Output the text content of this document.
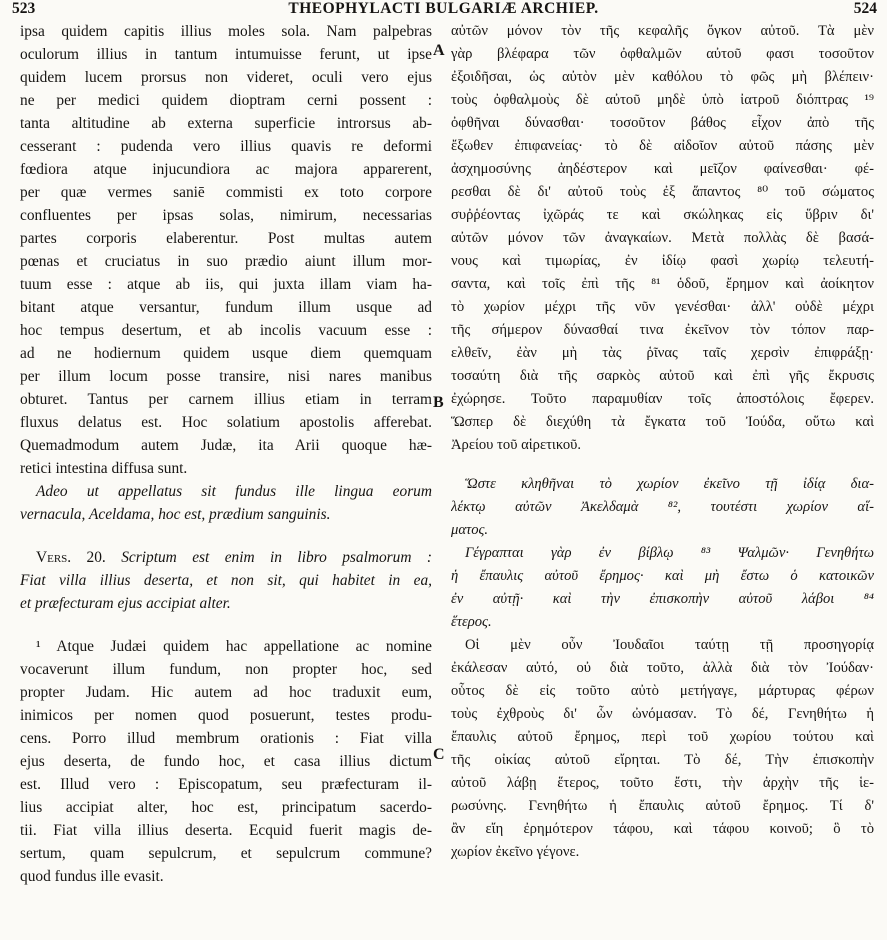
523	THEOPHYLACTI BULGARIÆ ARCHIEP.	524
A
B
C
ipsa quidem capitis illius moles sola. Nam palpebras
oculorum illius in tantum intumuisse ferunt, ut ipse
quidem lucem prorsus non videret, oculi vero ejus
ne per medici quidem dioptram cerni possent :
tanta altitudine ab externa superficie introrsus ab-
cesserant : pudenda vero illius quavis re deformi
fœdiora atque injucundiora ac majora apparerent,
per quæ vermes saniē commisti ex toto corpore
confluentes per ipsas solas, nimirum, necessarias
partes corporis elaberentur. Post multas autem
pœnas et cruciatus in suo prædio aiunt illum mor-
tuum esse : atque ab iis, qui juxta illam viam ha-
bitant atque versantur, fundum illum usque ad
hoc tempus desertum, et ab incolis vacuum esse :
ad ne hodiernum quidem usque diem quemquam
per illum locum posse transire, nisi nares manibus
obturet. Tantus per carnem illius etiam in terram
fluxus delatus est. Hoc solatium apostolis afferebat.
Quemadmodum autem Judæ, ita Arii quoque hæ-
retici intestina diffusa sunt.
Adeo ut appellatus sit fundus ille lingua eorum
vernacula, Aceldama, hoc est, prædium sanguinis.
Vers. 20. Scriptum est enim in libro psalmorum :
Fiat villa illius deserta, et non sit, qui habitet in ea,
et præfecturam ejus accipiat alter.
¹ Atque Judæi quidem hac appellatione ac nomine
vocaverunt illum fundum, non propter hoc, sed
propter Judam. Hic autem ad hoc traduxit eum,
inimicos per nomen quod posuerunt, testes produ-
cens. Porro illud membrum orationis : Fiat villa
ejus deserta, de fundo hoc, et casa illius dictum
est. Illud vero : Episcopatum, seu præfecturam il-
lius accipiat alter, hoc est, principatum sacerdo-
tii. Fiat villa illius deserta. Ecquid fuerit magis de-
sertum, quam sepulcrum, et sepulcrum commune?
quod fundus ille evasit.
αὐτῶν μόνον τὸν τῆς κεφαλῆς ὄγκον αὐτοῦ. Τὰ μὲν
γὰρ βλέφαρα τῶν ὀφθαλμῶν αὐτοῦ φασι τοσοῦτον
ἐξοιδῆσαι, ὡς αὐτὸν μὲν καθόλου τὸ φῶς μὴ βλέπειν·
τοὺς ὀφθαλμοὺς δὲ αὐτοῦ μηδὲ ὑπὸ ἰατροῦ διόπτρας ¹⁹
ὀφθῆναι δύνασθαι· τοσοῦτον βάθος εἶχον ἀπὸ τῆς
ἔξωθεν ἐπιφανείας· τὸ δὲ αἰδοῖον αὐτοῦ πάσης μὲν
ἀσχημοσύνης ἀηδέστερον καὶ μεῖζον φαίνεσθαι· φέ-
ρεσθαι δὲ δι' αὐτοῦ τοὺς ἐξ ἅπαντος ⁸⁰ τοῦ σώματος
συῤῥέοντας ἰχῶράς τε καὶ σκώληκας εἰς ὕβριν δι'
αὐτῶν μόνον τῶν ἀναγκαίων. Μετὰ πολλὰς δὲ βασά-
νους καὶ τιμωρίας, ἐν ἰδίῳ φασὶ χωρίῳ τελευτή-
σαντα, καὶ τοῖς ἐπὶ τῆς ⁸¹ ὁδοῦ, ἔρημον καὶ ἀοίκητον
τὸ χωρίον μέχρι τῆς νῦν γενέσθαι· ἀλλ' οὐδὲ μέχρι
τῆς σήμερον δύνασθαί τινα ἐκεῖνον τὸν τόπον παρ-
ελθεῖν, ἐὰν μὴ τὰς ῥῖνας ταῖς χερσὶν ἐπιφράξῃ·
τοσαύτη διὰ τῆς σαρκὸς αὐτοῦ καὶ ἐπὶ γῆς ἔκρυσις
ἐχώρησε. Τοῦτο παραμυθίαν τοῖς ἀποστόλοις ἔφερεν.
Ὥσπερ δὲ διεχύθη τὰ ἔγκατα τοῦ Ἰούδα, οὕτω καὶ
Ἀρείου τοῦ αἱρετικοῦ.
Ὥστε κληθῆναι τὸ χωρίον ἐκεῖνο τῇ ἰδίᾳ δια-
λέκτῳ αὐτῶν Ἀκελδαμὰ ⁸², τουτέστι χωρίον αἵ-
ματος.
Γέγραπται γὰρ ἐν βίβλῳ ⁸³ Ψαλμῶν· Γενηθήτω
ἡ ἔπαυλις αὐτοῦ ἔρημος· καὶ μὴ ἔστω ὁ κατοικῶν
ἐν αὐτῇ· καὶ τὴν ἐπισκοπὴν αὐτοῦ λάβοι ⁸⁴
ἕτερος.
Οἱ μὲν οὖν Ἰουδαῖοι ταύτῃ τῇ προσηγορίᾳ
ἐκάλεσαν αὐτό, οὐ διὰ τοῦτο, ἀλλὰ διὰ τὸν Ἰούδαν·
οὗτος δὲ εἰς τοῦτο αὐτὸ μετήγαγε, μάρτυρας φέρων
τοὺς ἐχθροὺς δι' ὧν ὠνόμασαν. Τὸ δέ, Γενηθήτω ἡ
ἔπαυλις αὐτοῦ ἔρημος, περὶ τοῦ χωρίου τούτου καὶ
τῆς οἰκίας αὐτοῦ εἴρηται. Τὸ δέ, Τὴν ἐπισκοπὴν
αὐτοῦ λάβῃ ἕτερος, τοῦτο ἔστι, τὴν ἀρχὴν τῆς ἱε-
ρωσύνης. Γενηθήτω ἡ ἔπαυλις αὐτοῦ ἔρημος. Τί δ'
ἂν εἴη ἐρημότερον τάφου, καὶ τάφου κοινοῦ; ὃ τὸ
χωρίον ἐκεῖνο γέγονε.
